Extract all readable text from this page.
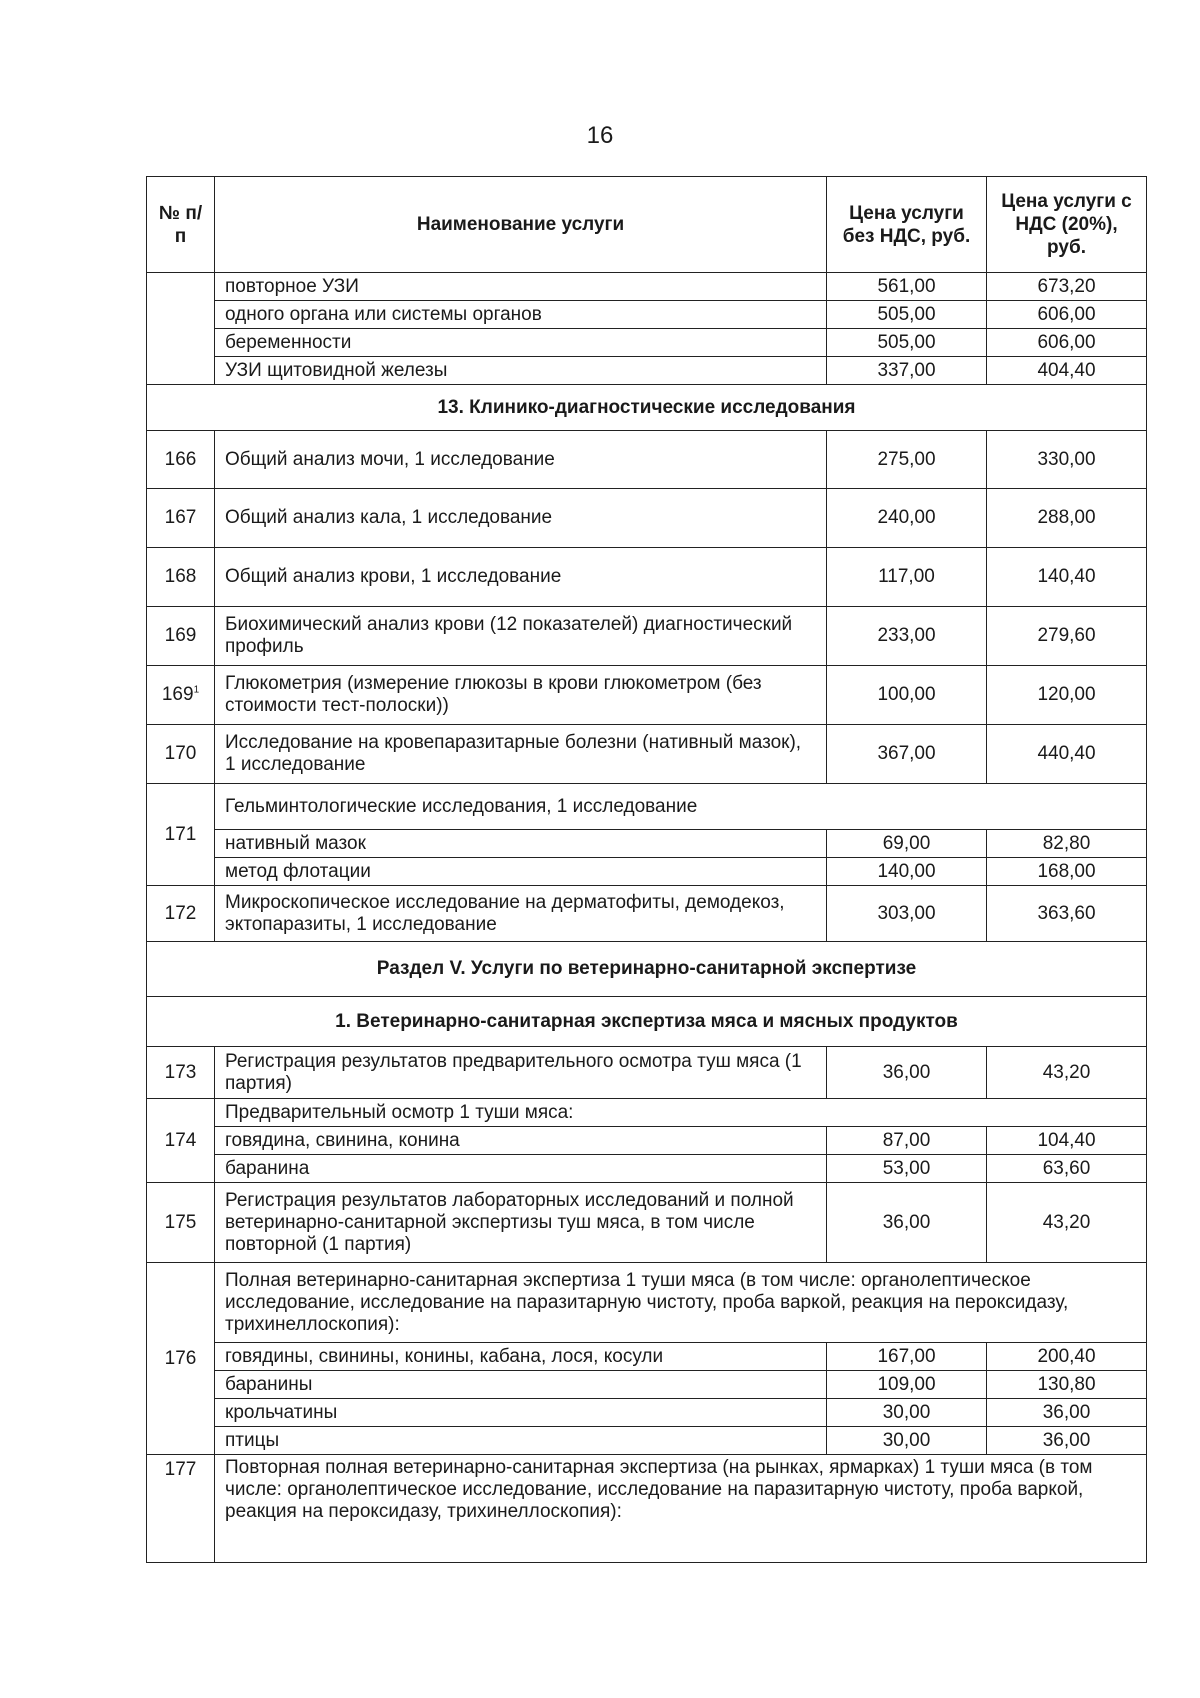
16
№ п/п	Наименование услуги	Цена услуги без НДС, руб.	Цена услуги с НДС (20%), руб.
	повторное УЗИ	561,00	673,20
	одного органа или системы органов	505,00	606,00
	беременности	505,00	606,00
	УЗИ щитовидной железы	337,00	404,40
13. Клинико-диагностические исследования			
166	Общий анализ мочи, 1 исследование	275,00	330,00
167	Общий анализ кала, 1 исследование	240,00	288,00
168	Общий анализ крови, 1 исследование	117,00	140,40
169	Биохимический анализ крови (12 показателей) диагностический профиль	233,00	279,60
$169^1$	Глюкометрия (измерение глюкозы в крови глюкометром (без стоимости тест-полоски))	100,00	120,00
170	Исследование на кровепаразитарные болезни (нативный мазок), 1 исследование	367,00	440,40
171	Гельминтологические исследования, 1 исследование		
	нативный мазок	69,00	82,80
	метод флотации	140,00	168,00
172	Микроскопическое исследование на дерматофиты, демодекоз, эктопаразиты, 1 исследование	303,00	363,60
Раздел V. Услуги по ветеринарно-санитарной экспертизе			
1. Ветеринарно-санитарная экспертиза мяса и мясных продуктов			
173	Регистрация результатов предварительного осмотра туш мяса (1 партия)	36,00	43,20
174	Предварительный осмотр 1 туши мяса:		
	говядина, свинина, конина	87,00	104,40
	баранина	53,00	63,60
175	Регистрация результатов лабораторных исследований и полной ветеринарно-санитарной экспертизы туш мяса, в том числе повторной (1 партия)	36,00	43,20
176	Полная ветеринарно-санитарная экспертиза 1 туши мяса (в том числе: органолептическое исследование, исследование на паразитарную чистоту, проба варкой, реакция на пероксидазу, трихинеллоскопия):		
	говядины, свинины, конины, кабана, лося, косули	167,00	200,40
	баранины	109,00	130,80
	крольчатины	30,00	36,00
	птицы	30,00	36,00
177	Повторная полная ветеринарно-санитарная экспертиза (на рынках, ярмарках) 1 туши мяса (в том числе: органолептическое исследование, исследование на паразитарную чистоту, проба варкой, реакция на пероксидазу, трихинеллоскопия):		
